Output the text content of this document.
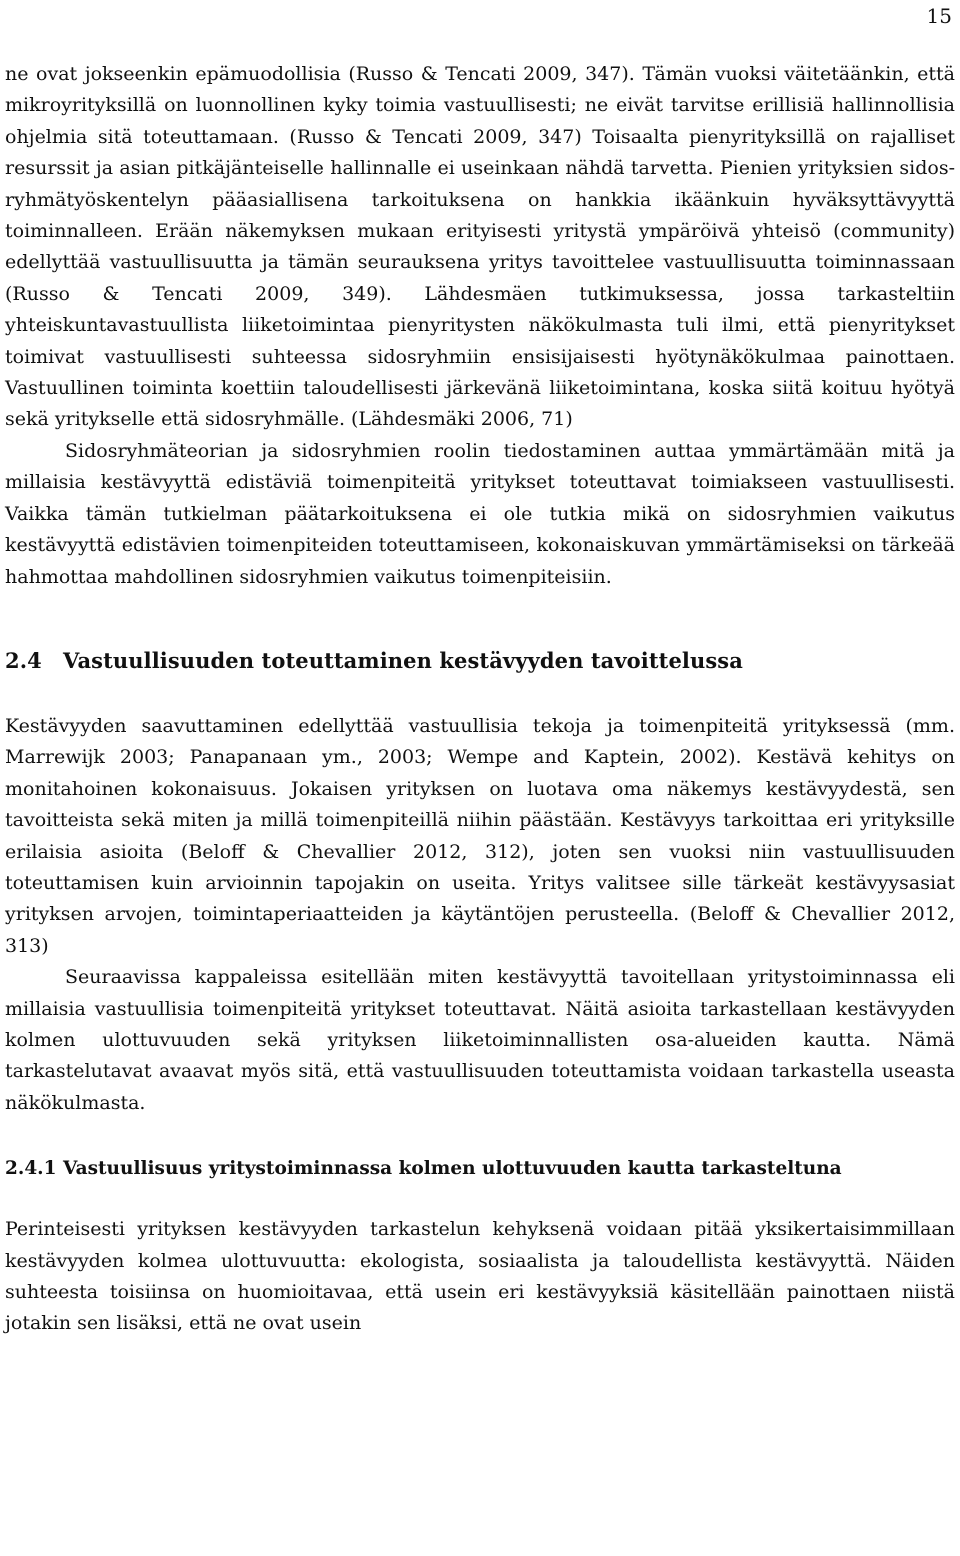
15

ne ovat jokseenkin epämuodollisia (Russo & Tencati 2009, 347). Tämän vuoksi väitetäänkin, että mikroyrityksillä on luonnollinen kyky toimia vastuullisesti; ne eivät tarvitse erillisiä hallinnollisia ohjelmia sitä toteuttamaan. (Russo & Tencati 2009, 347) Toisaalta pienyrityksillä on rajalliset resurssit ja asian pitkäjänteiselle hallinnalle ei useinkaan nähdä tarvetta. Pienien yrityksien sidos-ryhmätyöskentelyn pääasiallisena tarkoituksena on hankkia ikäänkuin hyväksyttävyyttä toiminnalleen. Erään näkemyksen mukaan erityisesti yritystä ympäröivä yhteisö (community) edellyttää vastuullisuutta ja tämän seurauksena yritys tavoittelee vastuullisuutta toiminnassaan (Russo & Tencati 2009, 349). Lähdesmäen tutkimuksessa, jossa tarkasteltiin yhteiskuntavastuullista liiketoimintaa pienyritysten näkökulmasta tuli ilmi, että pienyritykset toimivat vastuullisesti suhteessa sidosryhmiin ensisijaisesti hyötynäkökulmaa painottaen. Vastuullinen toiminta koettiin taloudellisesti järkevänä liiketoimintana, koska siitä koituu hyötyä sekä yritykselle että sidosryhmälle. (Lähdesmäki 2006, 71)

Sidosryhmäteorian ja sidosryhmien roolin tiedostaminen auttaa ymmärtämään mitä ja millaisia kestävyyttä edistäviä toimenpiteitä yritykset toteuttavat toimiakseen vastuullisesti. Vaikka tämän tutkielman päätarkoituksena ei ole tutkia mikä on sidosryhmien vaikutus kestävyyttä edistävien toimenpiteiden toteuttamiseen, kokonaiskuvan ymmärtämiseksi on tärkeää hahmottaa mahdollinen sidosryhmien vaikutus toimenpiteisiin.

2.4 Vastuullisuuden toteuttaminen kestävyyden tavoittelussa

Kestävyyden saavuttaminen edellyttää vastuullisia tekoja ja toimenpiteitä yrityksessä (mm. Marrewijk 2003; Panapanaan ym., 2003; Wempe and Kaptein, 2002). Kestävä kehitys on monitahoinen kokonaisuus. Jokaisen yrityksen on luotava oma näkemys kestävyydestä, sen tavoitteista sekä miten ja millä toimenpiteillä niihin päästään. Kestävyys tarkoittaa eri yrityksille erilaisia asioita (Beloff & Chevallier 2012, 312), joten sen vuoksi niin vastuullisuuden toteuttamisen kuin arvioinnin tapojakin on useita. Yritys valitsee sille tärkeät kestävyysasiat yrityksen arvojen, toimintaperiaatteiden ja käytäntöjen perusteella. (Beloff & Chevallier 2012, 313)

Seuraavissa kappaleissa esitellään miten kestävyyttä tavoitellaan yritystoiminnassa eli millaisia vastuullisia toimenpiteitä yritykset toteuttavat. Näitä asioita tarkastellaan kestävyyden kolmen ulottuvuuden sekä yrityksen liiketoiminnallisten osa-alueiden kautta. Nämä tarkastelutavat avaavat myös sitä, että vastuullisuuden toteuttamista voidaan tarkastella useasta näkökulmasta.

2.4.1 Vastuullisuus yritystoiminnassa kolmen ulottuvuuden kautta tarkasteltuna

Perinteisesti yrityksen kestävyyden tarkastelun kehyksenä voidaan pitää yksikertaisimmillaan kestävyyden kolmea ulottuvuutta: ekologista, sosiaalista ja taloudellista kestävyyttä. Näiden suhteesta toisiinsa on huomioitavaa, että usein eri kestävyyksiä käsitellään painottaen niistä jotakin sen lisäksi, että ne ovat usein
